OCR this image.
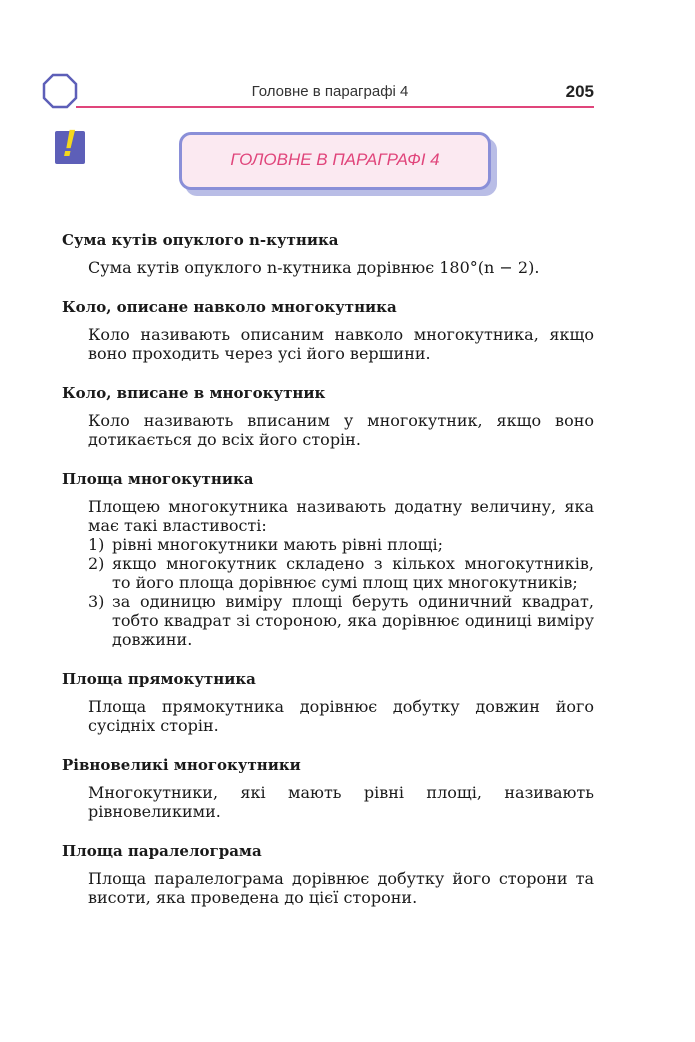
Головне в параграфі 4	205
!	ГОЛОВНЕ В ПАРАГРАФІ 4
Сума кутів опуклого n-кутника
Сума кутів опуклого n-кутника дорівнює 180°(n − 2).
Коло, описане навколо многокутника
Коло називають описаним навколо многокутника, якщо воно проходить через усі його вершини.
Коло, вписане в многокутник
Коло називають вписаним у многокутник, якщо воно дотикається до всіх його сторін.
Площа многокутника
Площею многокутника називають додатну величину, яка має такі властивості:
1) рівні многокутники мають рівні площі;
2) якщо многокутник складено з кількох многокутників, то його площа дорівнює сумі площ цих многокутників;
3) за одиницю виміру площі беруть одиничний квадрат, тобто квадрат зі стороною, яка дорівнює одиниці виміру довжини.
Площа прямокутника
Площа прямокутника дорівнює добутку довжин його сусідніх сторін.
Рівновеликі многокутники
Многокутники, які мають рівні площі, називають рівновеликими.
Площа паралелограма
Площа паралелограма дорівнює добутку його сторони та висоти, яка проведена до цієї сторони.
